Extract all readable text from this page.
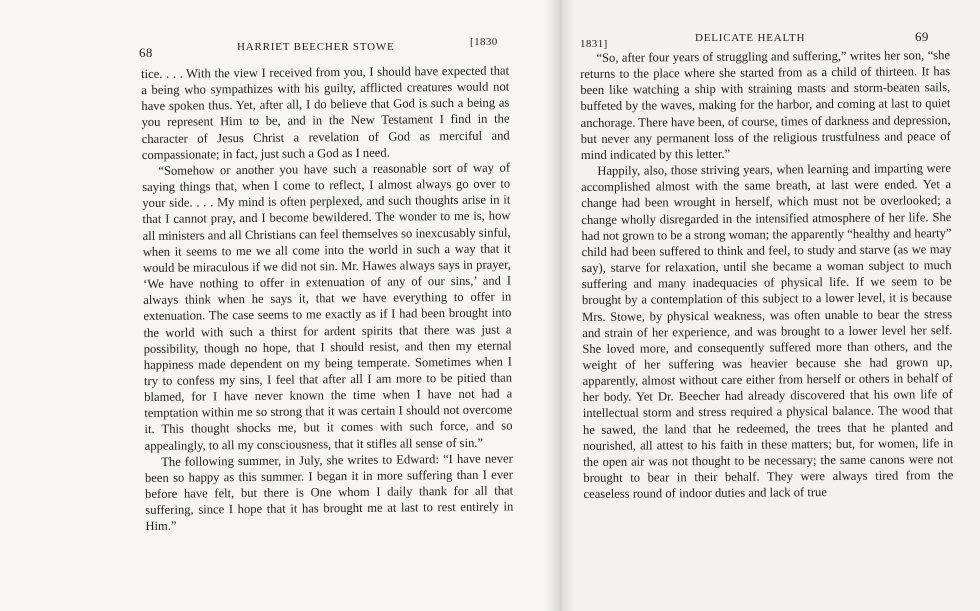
68	HARRIET BEECHER STOWE	[1830

tice. . . . With the view I received from you, I should have expected that a being who sympathizes with his guilty, afflicted creatures would not have spoken thus. Yet, after all, I do believe that God is such a being as you represent Him to be, and in the New Testament I find in the character of Jesus Christ a revelation of God as merciful and compassionate; in fact, just such a God as I need.

“Somehow or another you have such a reasonable sort of way of saying things that, when I come to reflect, I almost always go over to your side. . . . My mind is often perplexed, and such thoughts arise in it that I cannot pray, and I become bewildered. The wonder to me is, how all ministers and all Christians can feel themselves so inexcusably sinful, when it seems to me we all come into the world in such a way that it would be miraculous if we did not sin. Mr. Hawes always says in prayer, ‘We have nothing to offer in extenuation of any of our sins,’ and I always think when he says it, that we have everything to offer in extenuation. The case seems to me exactly as if I had been brought into the world with such a thirst for ardent spirits that there was just a possibility, though no hope, that I should resist, and then my eternal happiness made dependent on my being temperate. Sometimes when I try to confess my sins, I feel that after all I am more to be pitied than blamed, for I have never known the time when I have not had a temptation within me so strong that it was certain I should not overcome it. This thought shocks me, but it comes with such force, and so appealingly, to all my consciousness, that it stifles all sense of sin.”

The following summer, in July, she writes to Edward: “I have never been so happy as this summer. I began it in more suffering than I ever before have felt, but there is One whom I daily thank for all that suffering, since I hope that it has brought me at last to rest entirely in Him.”

1831]	DELICATE HEALTH	69

“So, after four years of struggling and suffering,” writes her son, “she returns to the place where she started from as a child of thirteen. It has been like watching a ship with straining masts and storm-beaten sails, buffeted by the waves, making for the harbor, and coming at last to quiet anchorage. There have been, of course, times of darkness and depression, but never any permanent loss of the religious trustfulness and peace of mind indicated by this letter.”

Happily, also, those striving years, when learning and imparting were accomplished almost with the same breath, at last were ended. Yet a change had been wrought in herself, which must not be overlooked; a change wholly disregarded in the intensified atmosphere of her life. She had not grown to be a strong woman; the apparently “healthy and hearty” child had been suffered to think and feel, to study and starve (as we may say), starve for relaxation, until she became a woman subject to much suffering and many inadequacies of physical life. If we seem to be brought by a contemplation of this subject to a lower level, it is because Mrs. Stowe, by physical weakness, was often unable to bear the stress and strain of her experience, and was brought to a lower level her self. She loved more, and consequently suffered more than others, and the weight of her suffering was heavier because she had grown up, apparently, almost without care either from herself or others in behalf of her body. Yet Dr. Beecher had already discovered that his own life of intellectual storm and stress required a physical balance. The wood that he sawed, the land that he redeemed, the trees that he planted and nourished, all attest to his faith in these matters; but, for women, life in the open air was not thought to be necessary; the same canons were not brought to bear in their behalf. They were always tired from the ceaseless round of indoor duties and lack of true
